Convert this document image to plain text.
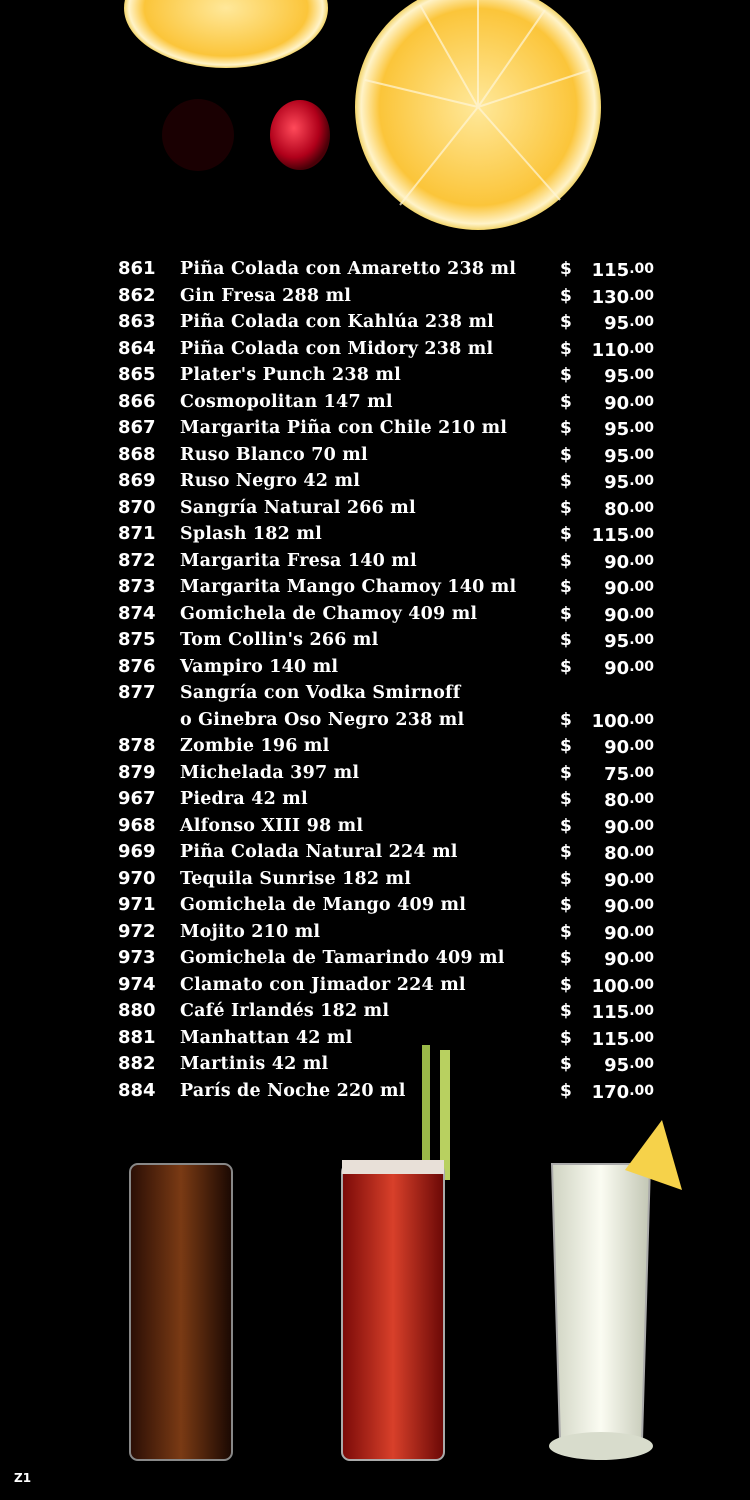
861 Piña Colada con Amaretto 238 ml	$ 115.00
862 Gin Fresa 288 ml	$ 130.00
863 Piña Colada con Kahlúa 238 ml	$ 95.00
864 Piña Colada con Midory 238 ml	$ 110.00
865 Plater's Punch 238 ml	$ 95.00
866 Cosmopolitan 147 ml	$ 90.00
867 Margarita Piña con Chile 210 ml	$ 95.00
868 Ruso Blanco 70 ml	$ 95.00
869 Ruso Negro 42 ml	$ 95.00
870 Sangría Natural 266 ml	$ 80.00
871 Splash 182 ml	$ 115.00
872 Margarita Fresa 140 ml	$ 90.00
873 Margarita Mango Chamoy 140 ml	$ 90.00
874 Gomichela de Chamoy 409 ml	$ 90.00
875 Tom Collin's 266 ml	$ 95.00
876 Vampiro 140 ml	$ 90.00
877 Sangría con Vodka Smirnoff
o Ginebra Oso Negro 238 ml	$ 100.00
878 Zombie 196 ml	$ 90.00
879 Michelada 397 ml	$ 75.00
967 Piedra 42 ml	$ 80.00
968 Alfonso XIII 98 ml	$ 90.00
969 Piña Colada Natural 224 ml	$ 80.00
970 Tequila Sunrise 182 ml	$ 90.00
971 Gomichela de Mango 409 ml	$ 90.00
972 Mojito 210 ml	$ 90.00
973 Gomichela de Tamarindo 409 ml	$ 90.00
974 Clamato con Jimador 224 ml	$ 100.00
880 Café Irlandés 182 ml	$ 115.00
881 Manhattan 42 ml	$ 115.00
882 Martinis 42 ml	$ 95.00
884 París de Noche 220 ml	$ 170.00
Z1
